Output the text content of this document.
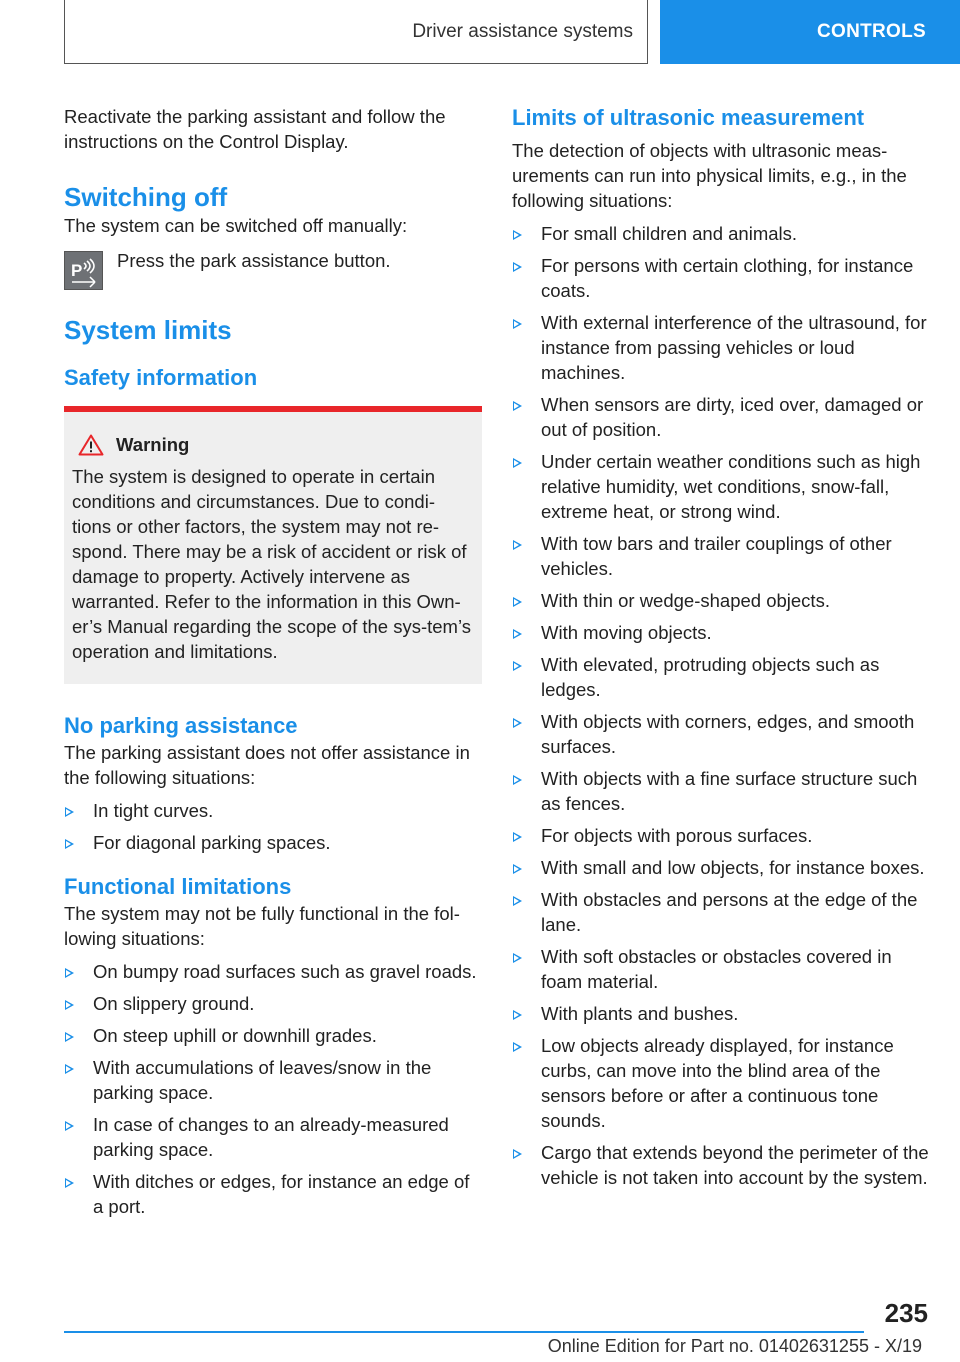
Driver assistance systems	CONTROLS

Reactivate the parking assistant and follow the instructions on the Control Display.

Switching off

The system can be switched off manually:

P Press the park assistance button.

System limits
Safety information
Warning

The system is designed to operate in certain conditions and circumstances. Due to condi-tions or other factors, the system may not re-spond. There may be a risk of accident or risk of damage to property. Actively intervene as warranted. Refer to the information in this Own-er’s Manual regarding the scope of the sys-tem’s operation and limitations.

No parking assistance

The parking assistant does not offer assistance in the following situations:

In tight curves.
For diagonal parking spaces.
Functional limitations

The system may not be fully functional in the fol-lowing situations:

On bumpy road surfaces such as gravel roads.
On slippery ground.
On steep uphill or downhill grades.
With accumulations of leaves/snow in the parking space.
In case of changes to an already-measured parking space.
With ditches or edges, for instance an edge of a port.
Limits of ultrasonic measurement

The detection of objects with ultrasonic meas-urements can run into physical limits, e.g., in the following situations:

For small children and animals.
For persons with certain clothing, for instance coats.
With external interference of the ultrasound, for instance from passing vehicles or loud machines.
When sensors are dirty, iced over, damaged or out of position.
Under certain weather conditions such as high relative humidity, wet conditions, snow-fall, extreme heat, or strong wind.
With tow bars and trailer couplings of other vehicles.
With thin or wedge-shaped objects.
With moving objects.
With elevated, protruding objects such as ledges.
With objects with corners, edges, and smooth surfaces.
With objects with a fine surface structure such as fences.
For objects with porous surfaces.
With small and low objects, for instance boxes.
With obstacles and persons at the edge of the lane.
With soft obstacles or obstacles covered in foam material.
With plants and bushes.
Low objects already displayed, for instance curbs, can move into the blind area of the sensors before or after a continuous tone sounds.
Cargo that extends beyond the perimeter of the vehicle is not taken into account by the system.
235
Online Edition for Part no. 01402631255 - X/19
